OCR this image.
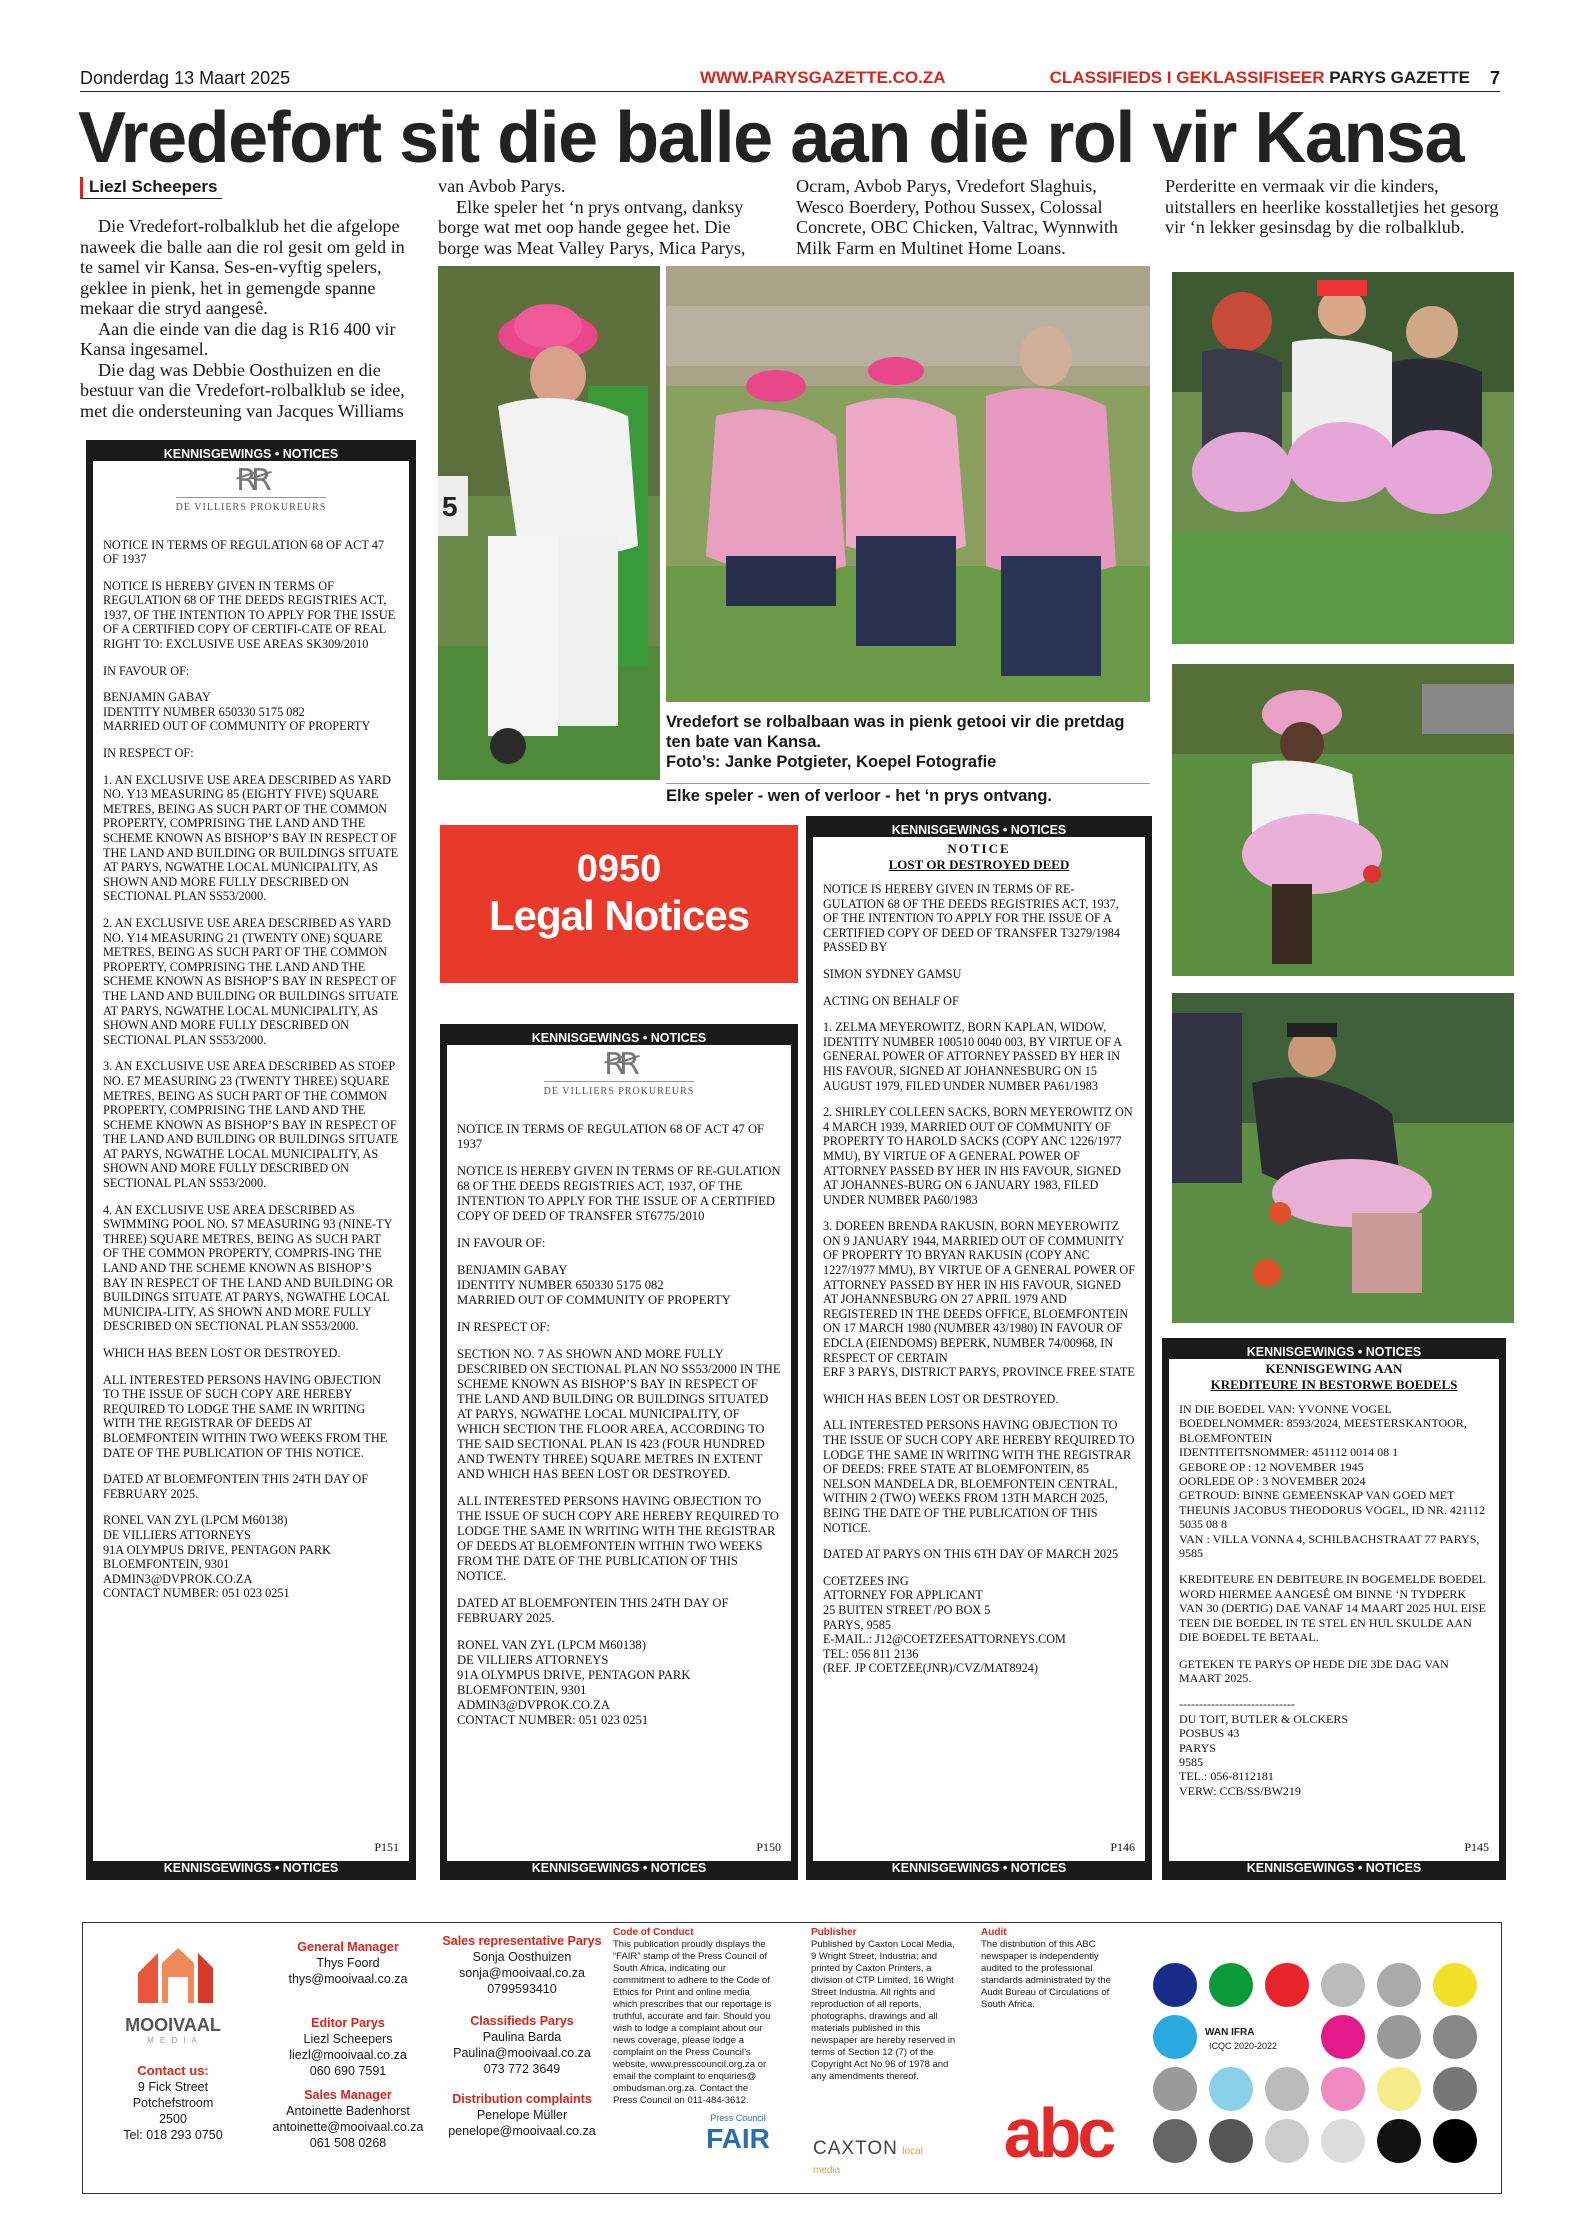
Donderdag 13 Maart 2025	WWW.PARYSGAZETTE.CO.ZA	CLASSIFIEDS I GEKLASSIFISEER PARYS GAZETTE 7
Vredefort sit die balle aan die rol vir Kansa
Liezl Scheepers

Die Vredefort-rolbalklub het die afgelope naweek die balle aan die rol gesit om geld in te samel vir Kansa. Ses-en-vyftig spelers, geklee in pienk, het in gemengde spanne mekaar die stryd aangesê.

Aan die einde van die dag is R16 400 vir Kansa ingesamel.

Die dag was Debbie Oosthuizen en die bestuur van die Vredefort-rolbalklub se idee, met die ondersteuning van Jacques Williams

van Avbob Parys.

Elke speler het ‘n prys ontvang, danksy borge wat met oop hande gegee het. Die borge was Meat Valley Parys, Mica Parys,

Ocram, Avbob Parys, Vredefort Slaghuis, Wesco Boerdery, Pothou Sussex, Colossal Concrete, OBC Chicken, Valtrac, Wynnwith Milk Farm en Multinet Home Loans.
Perderitte en vermaak vir die kinders, uitstallers en heerlike kosstalletjies het gesorg vir ‘n lekker gesinsdag by die rolbalklub.
5
Vredefort se rolbalbaan was in pienk getooi vir die pretdag ten bate van Kansa.
Foto’s: Janke Potgieter, Koepel Fotografie
Elke speler - wen of verloor - het ‘n prys ontvang.
0950
Legal Notices
KENNISGEWINGS • NOTICES
ꞦꞦ
DE VILLIERS PROKUREURS
NOTICE IN TERMS OF REGULATION 68 OF ACT 47 OF 1937
NOTICE IS HEREBY GIVEN IN TERMS OF REGULATION 68 OF THE DEEDS REGISTRIES ACT, 1937, OF THE INTENTION TO APPLY FOR THE ISSUE OF A CERTIFIED COPY OF CERTIFI-CATE OF REAL RIGHT TO: EXCLUSIVE USE AREAS SK309/2010
IN FAVOUR OF:
BENJAMIN GABAY
IDENTITY NUMBER 650330 5175 082
MARRIED OUT OF COMMUNITY OF PROPERTY
IN RESPECT OF:
1. AN EXCLUSIVE USE AREA DESCRIBED AS YARD NO. Y13 MEASURING 85 (EIGHTY FIVE) SQUARE METRES, BEING AS SUCH PART OF THE COMMON PROPERTY, COMPRISING THE LAND AND THE SCHEME KNOWN AS BISHOP’S BAY IN RESPECT OF THE LAND AND BUILDING OR BUILDINGS SITUATE AT PARYS, NGWATHE LOCAL MUNICIPALITY, AS SHOWN AND MORE FULLY DESCRIBED ON SECTIONAL PLAN SS53/2000.
2. AN EXCLUSIVE USE AREA DESCRIBED AS YARD NO. Y14 MEASURING 21 (TWENTY ONE) SQUARE METRES, BEING AS SUCH PART OF THE COMMON PROPERTY, COMPRISING THE LAND AND THE SCHEME KNOWN AS BISHOP’S BAY IN RESPECT OF THE LAND AND BUILDING OR BUILDINGS SITUATE AT PARYS, NGWATHE LOCAL MUNICIPALITY, AS SHOWN AND MORE FULLY DESCRIBED ON
SECTIONAL PLAN SS53/2000.
3. AN EXCLUSIVE USE AREA DESCRIBED AS STOEP NO. E7 MEASURING 23 (TWENTY THREE) SQUARE METRES, BEING AS SUCH PART OF THE COMMON PROPERTY, COMPRISING THE LAND AND THE SCHEME KNOWN AS BISHOP’S BAY IN RESPECT OF THE LAND AND BUILDING OR BUILDINGS SITUATE AT PARYS, NGWATHE LOCAL MUNICIPALITY, AS SHOWN AND MORE FULLY DESCRIBED ON SECTIONAL PLAN SS53/2000.
4. AN EXCLUSIVE USE AREA DESCRIBED AS SWIMMING POOL NO. S7 MEASURING 93 (NINE-TY THREE) SQUARE METRES, BEING AS SUCH PART OF THE COMMON PROPERTY, COMPRIS-ING THE LAND AND THE SCHEME KNOWN AS BISHOP’S BAY IN RESPECT OF THE LAND AND BUILDING OR BUILDINGS SITUATE AT PARYS, NGWATHE LOCAL MUNICIPA-LITY, AS SHOWN AND MORE FULLY DESCRIBED ON SECTIONAL PLAN SS53/2000.
WHICH HAS BEEN LOST OR DESTROYED.
ALL INTERESTED PERSONS HAVING OBJECTION TO THE ISSUE OF SUCH COPY ARE HEREBY REQUIRED TO LODGE THE SAME IN WRITING WITH THE REGISTRAR OF DEEDS AT BLOEMFONTEIN WITHIN TWO WEEKS FROM THE DATE OF THE PUBLICATION OF THIS NOTICE.
DATED AT BLOEMFONTEIN THIS 24TH DAY OF FEBRUARY 2025.
RONEL VAN ZYL (LPCM M60138)
DE VILLIERS ATTORNEYS
91A OLYMPUS DRIVE, PENTAGON PARK
BLOEMFONTEIN, 9301
ADMIN3@DVPROK.CO.ZA
CONTACT NUMBER: 051 023 0251
P151
KENNISGEWINGS • NOTICES
KENNISGEWINGS • NOTICES
ꞦꞦ
DE VILLIERS PROKUREURS
NOTICE IN TERMS OF REGULATION 68 OF ACT 47 OF 1937
NOTICE IS HEREBY GIVEN IN TERMS OF RE-GULATION 68 OF THE DEEDS REGISTRIES ACT, 1937, OF THE INTENTION TO APPLY FOR THE ISSUE OF A CERTIFIED COPY OF DEED OF TRANSFER ST6775/2010
IN FAVOUR OF:
BENJAMIN GABAY
IDENTITY NUMBER 650330 5175 082
MARRIED OUT OF COMMUNITY OF PROPERTY
IN RESPECT OF:
SECTION NO. 7 AS SHOWN AND MORE FULLY DESCRIBED ON SECTIONAL PLAN NO SS53/2000 IN THE SCHEME KNOWN AS BISHOP’S BAY IN RESPECT OF THE LAND AND BUILDING OR BUILDINGS SITUATED AT PARYS, NGWATHE LOCAL MUNICIPALITY, OF WHICH SECTION THE FLOOR AREA, ACCORDING TO THE SAID SECTIONAL PLAN IS 423 (FOUR HUNDRED AND TWENTY THREE) SQUARE METRES IN EXTENT AND WHICH HAS BEEN LOST OR DESTROYED.
ALL INTERESTED PERSONS HAVING OBJECTION TO THE ISSUE OF SUCH COPY ARE HEREBY REQUIRED TO LODGE THE SAME IN WRITING WITH THE REGISTRAR OF DEEDS AT BLOEMFONTEIN WITHIN TWO WEEKS FROM THE DATE OF THE PUBLICATION OF THIS NOTICE.
DATED AT BLOEMFONTEIN THIS 24TH DAY OF FEBRUARY 2025.
RONEL VAN ZYL (LPCM M60138)
DE VILLIERS ATTORNEYS
91A OLYMPUS DRIVE, PENTAGON PARK
BLOEMFONTEIN, 9301
ADMIN3@DVPROK.CO.ZA
CONTACT NUMBER: 051 023 0251
P150
KENNISGEWINGS • NOTICES
KENNISGEWINGS • NOTICES
NOTICE
LOST OR DESTROYED DEED
NOTICE IS HEREBY GIVEN IN TERMS OF RE-GULATION 68 OF THE DEEDS REGISTRIES ACT, 1937, OF THE INTENTION TO APPLY FOR THE ISSUE OF A CERTIFIED COPY OF DEED OF TRANSFER T3279/1984 PASSED BY
SIMON SYDNEY GAMSU
ACTING ON BEHALF OF
1. ZELMA MEYEROWITZ, BORN KAPLAN, WIDOW, IDENTITY NUMBER 100510 0040 003, BY VIRTUE OF A GENERAL POWER OF ATTORNEY PASSED BY HER IN HIS FAVOUR, SIGNED AT JOHANNESBURG ON 15 AUGUST 1979, FILED UNDER NUMBER PA61/1983
2. SHIRLEY COLLEEN SACKS, BORN MEYEROWITZ ON 4 MARCH 1939, MARRIED OUT OF COMMUNITY OF PROPERTY TO HAROLD SACKS (COPY ANC 1226/1977 MMU), BY VIRTUE OF A GENERAL POWER OF ATTORNEY PASSED BY HER IN HIS FAVOUR, SIGNED AT JOHANNES-BURG ON 6 JANUARY 1983, FILED UNDER NUMBER PA60/1983
3. DOREEN BRENDA RAKUSIN, BORN MEYEROWITZ ON 9 JANUARY 1944, MARRIED OUT OF COMMUNITY OF PROPERTY TO BRYAN RAKUSIN (COPY ANC 1227/1977 MMU), BY VIRTUE OF A GENERAL POWER OF ATTORNEY PASSED BY HER IN HIS FAVOUR, SIGNED AT JOHANNESBURG ON 27 APRIL 1979 AND REGISTERED IN THE DEEDS OFFICE, BLOEMFONTEIN ON 17 MARCH 1980 (NUMBER 43/1980) IN FAVOUR OF EDCLA (EIENDOMS) BEPERK, NUMBER 74/00968, IN RESPECT OF CERTAIN
ERF 3 PARYS, DISTRICT PARYS, PROVINCE FREE STATE
WHICH HAS BEEN LOST OR DESTROYED.
ALL INTERESTED PERSONS HAVING OBJECTION TO THE ISSUE OF SUCH COPY ARE HEREBY REQUIRED TO LODGE THE SAME IN WRITING WITH THE REGISTRAR OF DEEDS: FREE STATE AT BLOEMFONTEIN, 85 NELSON MANDELA DR, BLOEMFONTEIN CENTRAL, WITHIN 2 (TWO) WEEKS FROM 13TH MARCH 2025, BEING THE DATE OF THE PUBLICATION OF THIS NOTICE.
DATED AT PARYS ON THIS 6TH DAY OF MARCH 2025
COETZEES ING
ATTORNEY FOR APPLICANT
25 BUITEN STREET /PO BOX 5
PARYS, 9585
E-MAIL.: J12@COETZEESATTORNEYS.COM
TEL: 056 811 2136
(REF. JP COETZEE(JNR)/CVZ/MAT8924)
P146
KENNISGEWINGS • NOTICES
KENNISGEWINGS • NOTICES
KENNISGEWING AAN
KREDITEURE IN BESTORWE BOEDELS
IN DIE BOEDEL VAN: YVONNE VOGEL
BOEDELNOMMER: 8593/2024, MEESTERSKANTOOR, BLOEMFONTEIN
IDENTITEITSNOMMER: 451112 0014 08 1
GEBORE OP : 12 NOVEMBER 1945
OORLEDE OP : 3 NOVEMBER 2024
GETROUD: BINNE GEMEENSKAP VAN GOED MET THEUNIS JACOBUS THEODORUS VOGEL, ID NR. 421112 5035 08 8
VAN : VILLA VONNA 4, SCHILBACHSTRAAT 77 PARYS, 9585
KREDITEURE EN DEBITEURE IN BOGEMELDE BOEDEL WORD HIERMEE AANGESÊ OM BINNE ‘N TYDPERK VAN 30 (DERTIG) DAE VANAF 14 MAART 2025 HUL EISE TEEN DIE BOEDEL IN TE STEL EN HUL SKULDE AAN DIE BOEDEL TE BETAAL.
GETEKEN TE PARYS OP HEDE DIE 3DE DAG VAN MAART 2025.
-----------------------------
DU TOIT, BUTLER & OLCKERS
POSBUS 43
PARYS
9585
TEL.: 056-8112181
VERW: CCB/SS/BW219
P145
KENNISGEWINGS • NOTICES
MOOIVAAL
M E D I A
Contact us:
9 Fick Street
Potchefstroom
2500
Tel: 018 293 0750
General Manager
Thys Foord
thys@mooivaal.co.za
Editor Parys
Liezl Scheepers
liezl@mooivaal.co.za
060 690 7591
Sales Manager
Antoinette Badenhorst
antoinette@mooivaal.co.za
061 508 0268
Sales representative Parys
Sonja Oosthuizen
sonja@mooivaal.co.za
0799593410
Classifieds Parys
Paulina Barda
Paulina@mooivaal.co.za
073 772 3649
Distribution complaints
Penelope Müller
penelope@mooivaal.co.za
Code of Conduct
This publication proudly displays the “FAIR” stamp of the Press Council of South Africa, indicating our commitment to adhere to the Code of Ethics for Print and online media which prescribes that our reportage is truthful, accurate and fair. Should you wish to lodge a complaint about our news coverage, please lodge a complaint on the Press Council’s website, www.presscouncil.org.za or email the complaint to enquiries@ ombudsman.org.za. Contact the Press Council on 011-484-3612.
Press Council
FAIR
Publisher
Published by Caxton Local Media, 9 Wright Street, Industria; and printed by Caxton Printers, a division of CTP Limited, 16 Wright Street Industria. All rights and reproduction of all reports, photographs, drawings and all materials published in this newspaper are hereby reserved in terms of Section 12 (7) of the Copyright Act No 96 of 1978 and any amendments thereof.
CAXTON local media
Audit
The distribution of this ABC newspaper is independently audited to the professional standards administrated by the Audit Bureau of Circulations of South Africa.
abc
WAN IFRA
ICQC 2020-2022
